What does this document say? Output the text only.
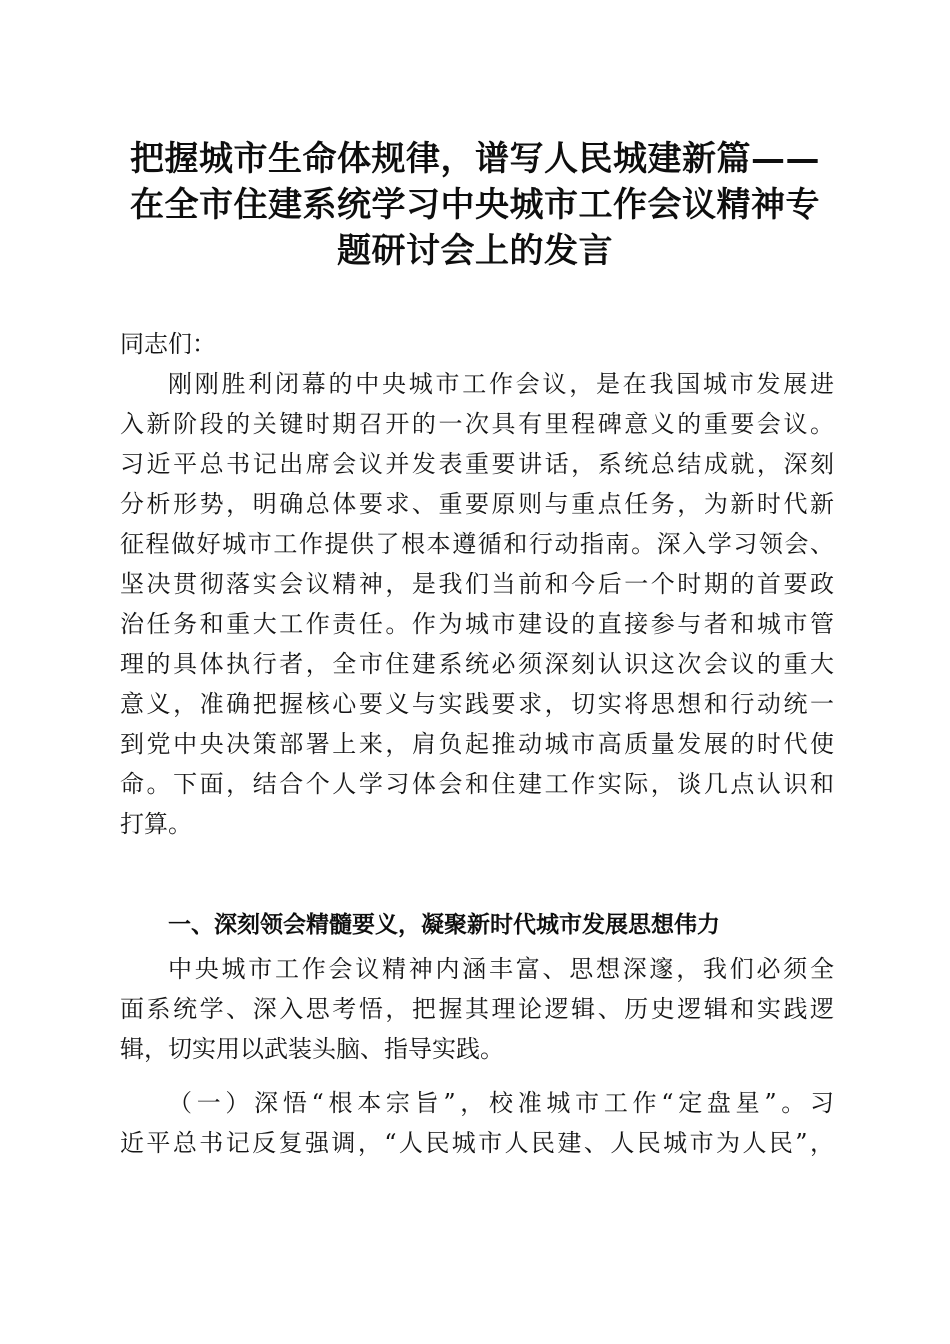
把握城市生命体规律，谱写人民城建新篇——
在全市住建系统学习中央城市工作会议精神专
题研讨会上的发言

同志们：

刚刚胜利闭幕的中央城市工作会议，是在我国城市发展进
入新阶段的关键时期召开的一次具有里程碑意义的重要会议。
习近平总书记出席会议并发表重要讲话，系统总结成就，深刻
分析形势，明确总体要求、重要原则与重点任务，为新时代新
征程做好城市工作提供了根本遵循和行动指南。深入学习领会、
坚决贯彻落实会议精神，是我们当前和今后一个时期的首要政
治任务和重大工作责任。作为城市建设的直接参与者和城市管
理的具体执行者，全市住建系统必须深刻认识这次会议的重大
意义，准确把握核心要义与实践要求，切实将思想和行动统一
到党中央决策部署上来，肩负起推动城市高质量发展的时代使
命。下面，结合个人学习体会和住建工作实际，谈几点认识和
打算。
一、深刻领会精髓要义，凝聚新时代城市发展思想伟力
中央城市工作会议精神内涵丰富、思想深邃，我们必须全
面系统学、深入思考悟，把握其理论逻辑、历史逻辑和实践逻
辑，切实用以武装头脑、指导实践。
（一）深悟“根本宗旨”，校准城市工作“定盘星”。习
近平总书记反复强调，“人民城市人民建、人民城市为人民”，
